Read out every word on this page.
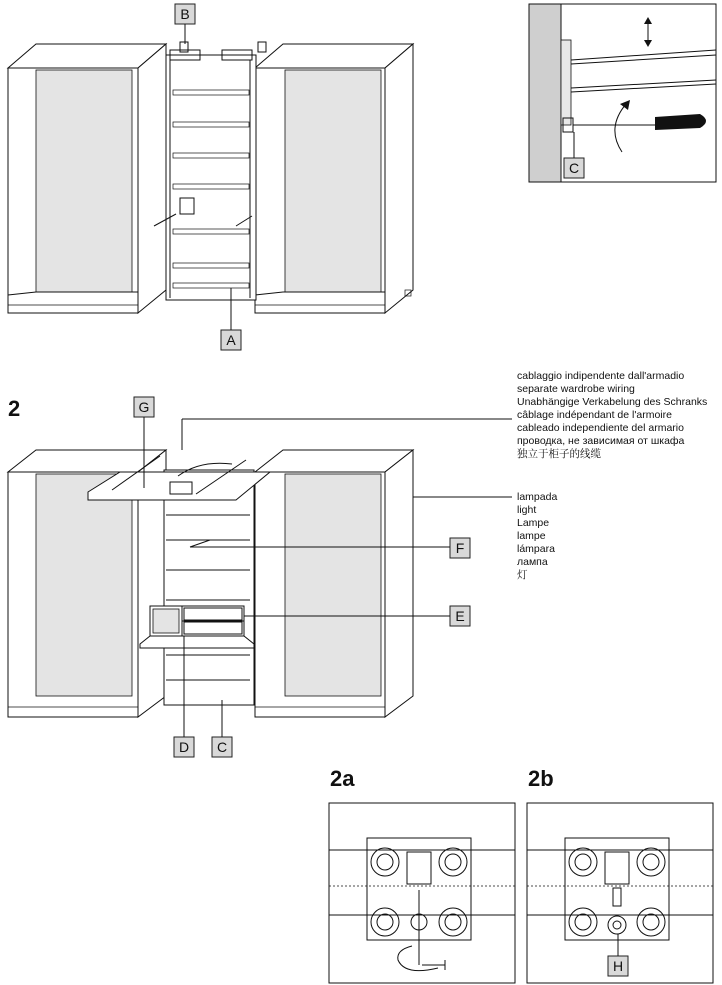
B
A
C
2
cablaggio indipendente dall'armadio
separate wardrobe wiring
Unabhängige Verkabelung des Schranks
câblage indépendant de l'armoire
cableado independiente del armario
проводка, не зависимая от шкафа
独立于柜子的线缆
lampada
light
Lampe
lampe
lámpara
лампа
灯
G
F
E
D C
2a	2b
H
